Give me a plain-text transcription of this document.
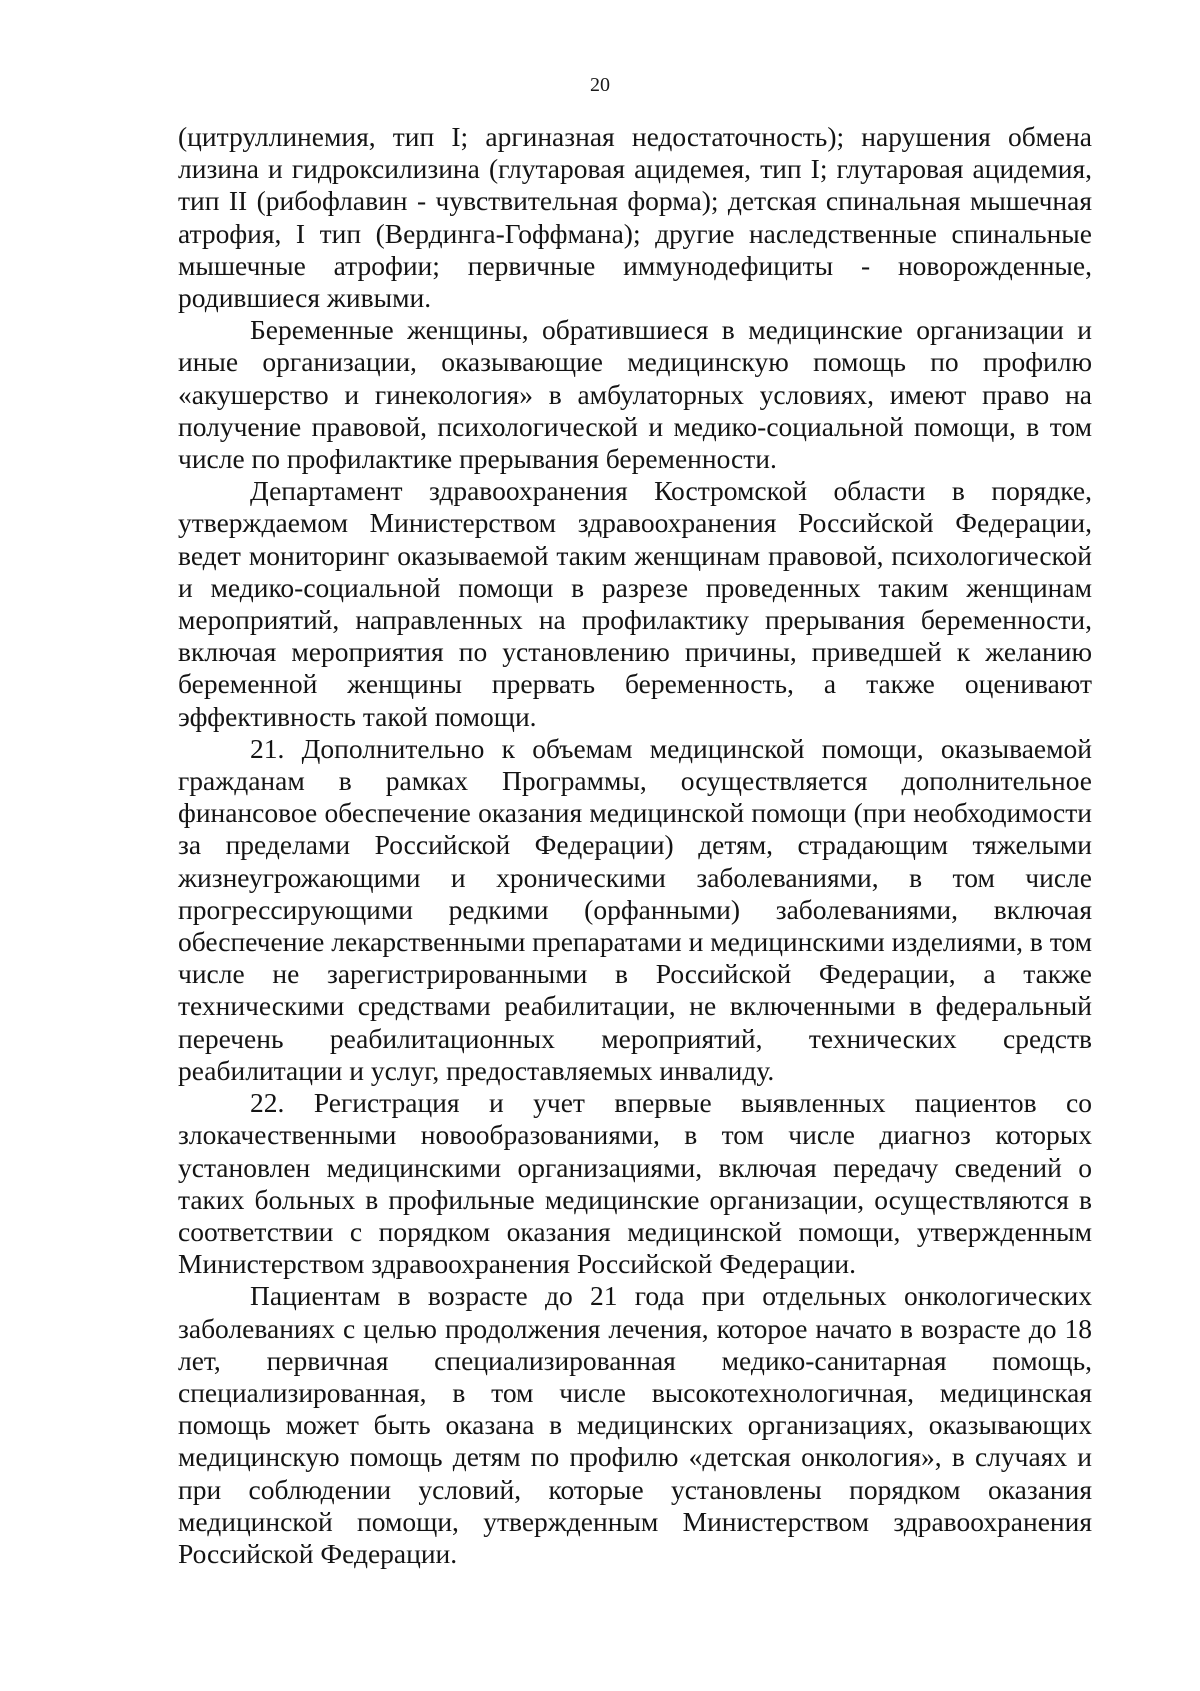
20

(цитруллинемия, тип I; аргиназная недостаточность); нарушения обмена лизина и гидроксилизина (глутаровая ацидемея, тип I; глутаровая ацидемия, тип II (рибофлавин - чувствительная форма); детская спинальная мышечная атрофия, I тип (Вердинга-Гоффмана); другие наследственные спинальные мышечные атрофии; первичные иммунодефициты - новорожденные, родившиеся живыми.

Беременные женщины, обратившиеся в медицинские организации и иные организации, оказывающие медицинскую помощь по профилю «акушерство и гинекология» в амбулаторных условиях, имеют право на получение правовой, психологической и медико-социальной помощи, в том числе по профилактике прерывания беременности.

Департамент здравоохранения Костромской области в порядке, утверждаемом Министерством здравоохранения Российской Федерации, ведет мониторинг оказываемой таким женщинам правовой, психологической и медико-социальной помощи в разрезе проведенных таким женщинам мероприятий, направленных на профилактику прерывания беременности, включая мероприятия по установлению причины, приведшей к желанию беременной женщины прервать беременность, а также оценивают эффективность такой помощи.

21. Дополнительно к объемам медицинской помощи, оказываемой гражданам в рамках Программы, осуществляется дополнительное финансовое обеспечение оказания медицинской помощи (при необходимости за пределами Российской Федерации) детям, страдающим тяжелыми жизнеугрожающими и хроническими заболеваниями, в том числе прогрессирующими редкими (орфанными) заболеваниями, включая обеспечение лекарственными препаратами и медицинскими изделиями, в том числе не зарегистрированными в Российской Федерации, а также техническими средствами реабилитации, не включенными в федеральный перечень реабилитационных мероприятий, технических средств реабилитации и услуг, предоставляемых инвалиду.

22. Регистрация и учет впервые выявленных пациентов со злокачественными новообразованиями, в том числе диагноз которых установлен медицинскими организациями, включая передачу сведений о таких больных в профильные медицинские организации, осуществляются в соответствии с порядком оказания медицинской помощи, утвержденным Министерством здравоохранения Российской Федерации.

Пациентам в возрасте до 21 года при отдельных онкологических заболеваниях с целью продолжения лечения, которое начато в возрасте до 18 лет, первичная специализированная медико-санитарная помощь, специализированная, в том числе высокотехнологичная, медицинская помощь может быть оказана в медицинских организациях, оказывающих медицинскую помощь детям по профилю «детская онкология», в случаях и при соблюдении условий, которые установлены порядком оказания медицинской помощи, утвержденным Министерством здравоохранения Российской Федерации.
